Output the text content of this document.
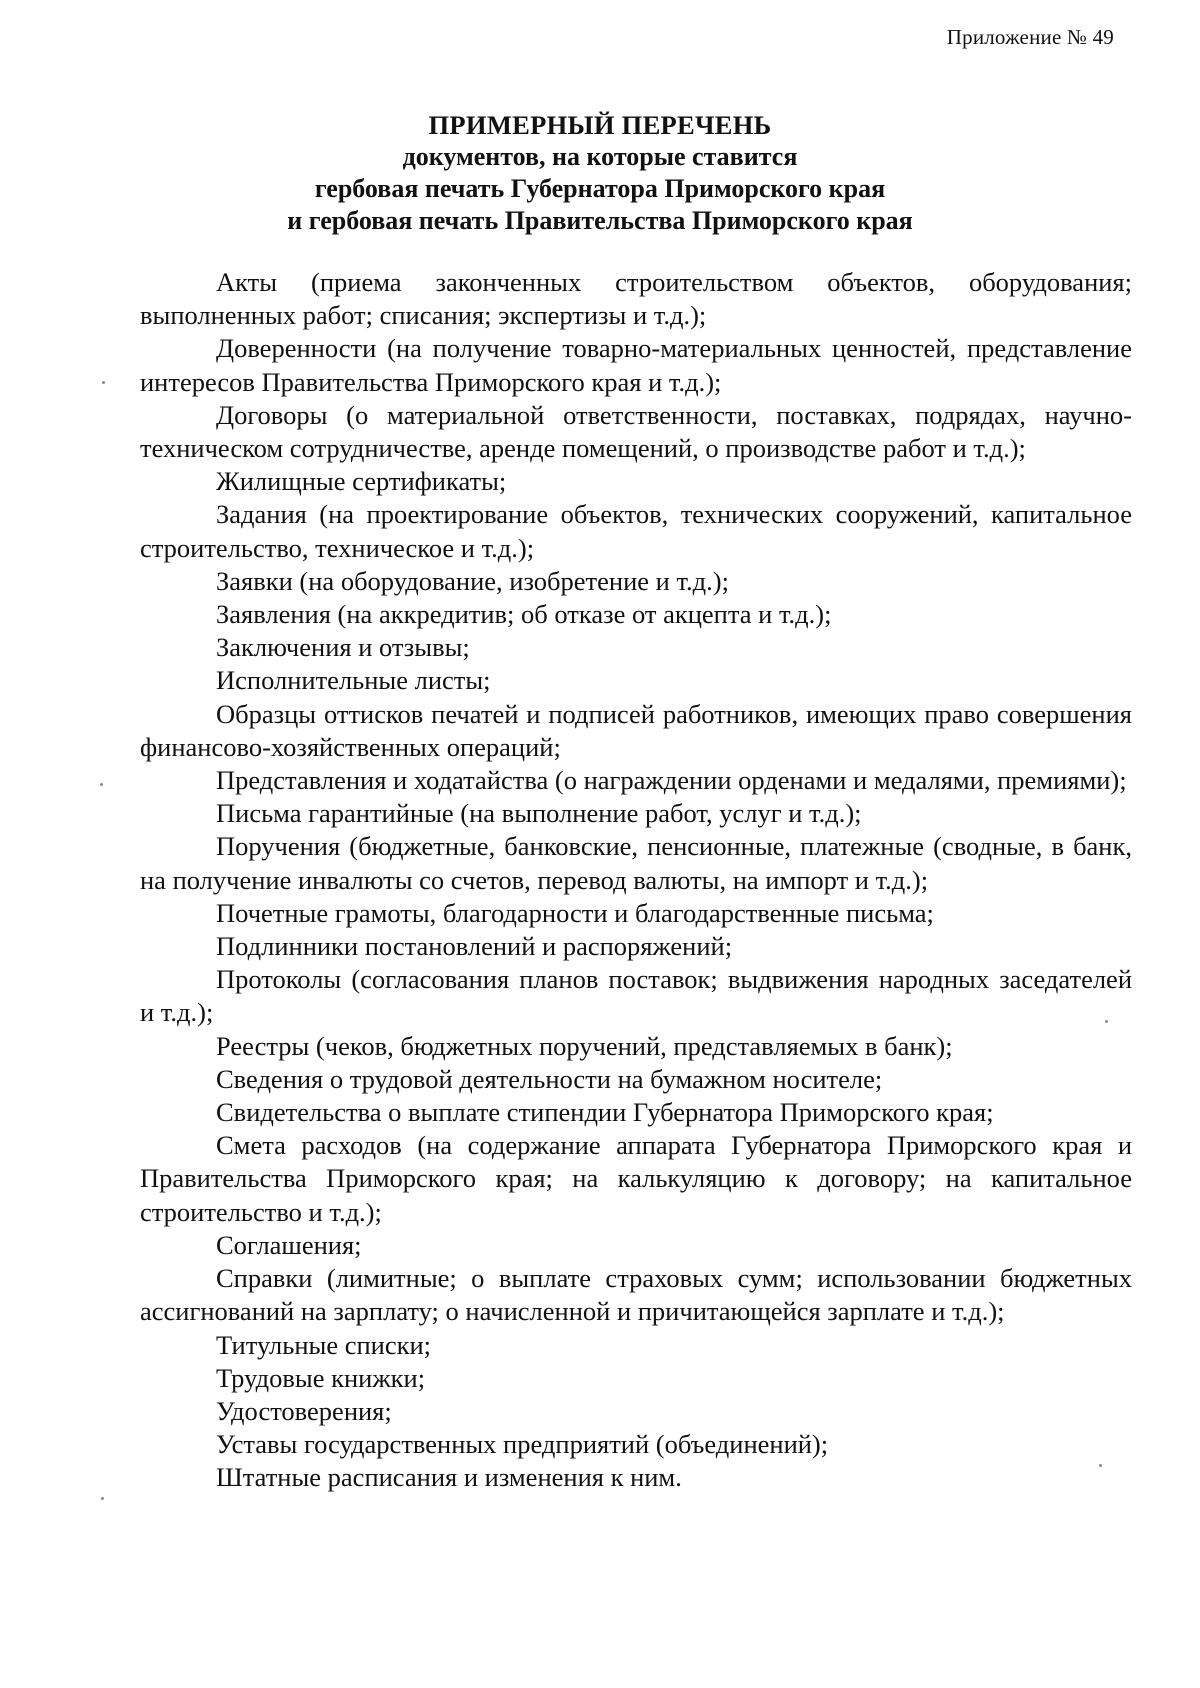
Приложение № 49
ПРИМЕРНЫЙ ПЕРЕЧЕНЬ
документов, на которые ставится
гербовая печать Губернатора Приморского края
и гербовая печать Правительства Приморского края
Акты (приема законченных строительством объектов, оборудования; выполненных работ; списания; экспертизы и т.д.);
Доверенности (на получение товарно-материальных ценностей, представление интересов Правительства Приморского края и т.д.);
Договоры (о материальной ответственности, поставках, подрядах, научно-техническом сотрудничестве, аренде помещений, о производстве работ и т.д.);
Жилищные сертификаты;
Задания (на проектирование объектов, технических сооружений, капитальное строительство, техническое и т.д.);
Заявки (на оборудование, изобретение и т.д.);
Заявления (на аккредитив; об отказе от акцепта и т.д.);
Заключения и отзывы;
Исполнительные листы;
Образцы оттисков печатей и подписей работников, имеющих право совершения финансово-хозяйственных операций;
Представления и ходатайства (о награждении орденами и медалями, премиями);
Письма гарантийные (на выполнение работ, услуг и т.д.);
Поручения (бюджетные, банковские, пенсионные, платежные (сводные, в банк, на получение инвалюты со счетов, перевод валюты, на импорт и т.д.);
Почетные грамоты, благодарности и благодарственные письма;
Подлинники постановлений и распоряжений;
Протоколы (согласования планов поставок; выдвижения народных заседателей и т.д.);
Реестры (чеков, бюджетных поручений, представляемых в банк);
Сведения о трудовой деятельности на бумажном носителе;
Свидетельства о выплате стипендии Губернатора Приморского края;
Смета расходов (на содержание аппарата Губернатора Приморского края и Правительства Приморского края; на калькуляцию к договору; на капитальное строительство и т.д.);
Соглашения;
Справки (лимитные; о выплате страховых сумм; использовании бюджетных ассигнований на зарплату; о начисленной и причитающейся зарплате и т.д.);
Титульные списки;
Трудовые книжки;
Удостоверения;
Уставы государственных предприятий (объединений);
Штатные расписания и изменения к ним.
